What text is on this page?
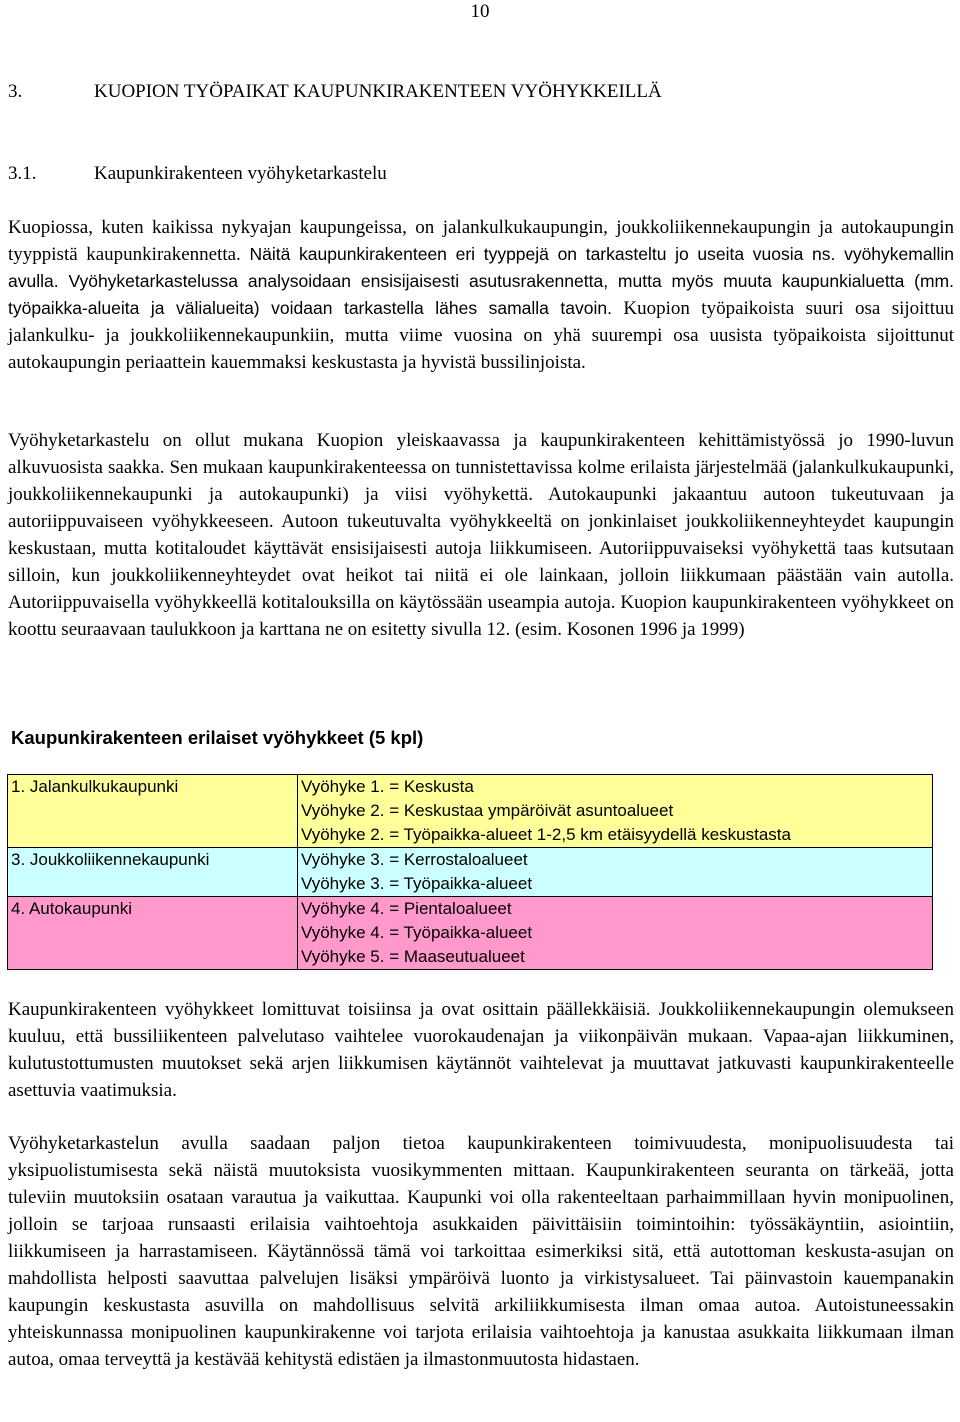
10
3.	KUOPION TYÖPAIKAT KAUPUNKIRAKENTEEN VYÖHYKKEILLÄ
3.1.	Kaupunkirakenteen vyöhyketarkastelu

Kuopiossa, kuten kaikissa nykyajan kaupungeissa, on jalankulkukaupungin, joukkoliikennekaupungin ja autokaupungin tyyppistä kaupunkirakennetta. Näitä kaupunkirakenteen eri tyyppejä on tarkasteltu jo useita vuosia ns. vyöhykemallin avulla. Vyöhyketarkastelussa analysoidaan ensisijaisesti asutusrakennetta, mutta myös muuta kaupunkialuetta (mm. työpaikka-alueita ja välialueita) voidaan tarkastella lähes samalla tavoin. Kuopion työpaikoista suuri osa sijoittuu jalankulku- ja joukkoliikennekaupunkiin, mutta viime vuosina on yhä suurempi osa uusista työpaikoista sijoittunut autokaupungin periaattein kauemmaksi keskustasta ja hyvistä bussilinjoista.

Vyöhyketarkastelu on ollut mukana Kuopion yleiskaavassa ja kaupunkirakenteen kehittämistyössä jo 1990-luvun alkuvuosista saakka. Sen mukaan kaupunkirakenteessa on tunnistettavissa kolme erilaista järjestelmää (jalankulkukaupunki, joukkoliikennekaupunki ja autokaupunki) ja viisi vyöhykettä. Autokaupunki jakaantuu autoon tukeutuvaan ja autoriippuvaiseen vyöhykkeeseen. Autoon tukeutuvalta vyöhykkeeltä on jonkinlaiset joukkoliikenneyhteydet kaupungin keskustaan, mutta kotitaloudet käyttävät ensisijaisesti autoja liikkumiseen. Autoriippuvaiseksi vyöhykettä taas kutsutaan silloin, kun joukkoliikenneyhteydet ovat heikot tai niitä ei ole lainkaan, jolloin liikkumaan päästään vain autolla. Autoriippuvaisella vyöhykkeellä kotitalouksilla on käytössään useampia autoja. Kuopion kaupunkirakenteen vyöhykkeet on koottu seuraavaan taulukkoon ja karttana ne on esitetty sivulla 12. (esim. Kosonen 1996 ja 1999)

Kaupunkirakenteen erilaiset vyöhykkeet (5 kpl)
1. Jalankulkukaupunki	Vyöhyke 1. = Keskusta
Vyöhyke 2. = Keskustaa ympäröivät asuntoalueet
Vyöhyke 2. = Työpaikka-alueet 1-2,5 km etäisyydellä keskustasta

3. Joukkoliikennekaupunki	Vyöhyke 3. = Kerrostaloalueet
Vyöhyke 3. = Työpaikka-alueet

4. Autokaupunki	Vyöhyke 4. = Pientaloalueet
Vyöhyke 4. = Työpaikka-alueet
Vyöhyke 5. = Maaseutualueet

Kaupunkirakenteen vyöhykkeet lomittuvat toisiinsa ja ovat osittain päällekkäisiä. Joukkoliikennekaupungin olemukseen kuuluu, että bussiliikenteen palvelutaso vaihtelee vuorokaudenajan ja viikonpäivän mukaan. Vapaa-ajan liikkuminen, kulutustottumusten muutokset sekä arjen liikkumisen käytännöt vaihtelevat ja muuttavat jatkuvasti kaupunkirakenteelle asettuvia vaatimuksia.

Vyöhyketarkastelun avulla saadaan paljon tietoa kaupunkirakenteen toimivuudesta, monipuolisuudesta tai yksipuolistumisesta sekä näistä muutoksista vuosikymmenten mittaan. Kaupunkirakenteen seuranta on tärkeää, jotta tuleviin muutoksiin osataan varautua ja vaikuttaa. Kaupunki voi olla rakenteeltaan parhaimmillaan hyvin monipuolinen, jolloin se tarjoaa runsaasti erilaisia vaihtoehtoja asukkaiden päivittäisiin toimintoihin: työssäkäyntiin, asiointiin, liikkumiseen ja harrastamiseen. Käytännössä tämä voi tarkoittaa esimerkiksi sitä, että autottoman keskusta-asujan on mahdollista helposti saavuttaa palvelujen lisäksi ympäröivä luonto ja virkistysalueet. Tai päinvastoin kauempanakin kaupungin keskustasta asuvilla on mahdollisuus selvitä arkiliikkumisesta ilman omaa autoa. Autoistuneessakin yhteiskunnassa monipuolinen kaupunkirakenne voi tarjota erilaisia vaihtoehtoja ja kanustaa asukkaita liikkumaan ilman autoa, omaa terveyttä ja kestävää kehitystä edistäen ja ilmastonmuutosta hidastaen.
